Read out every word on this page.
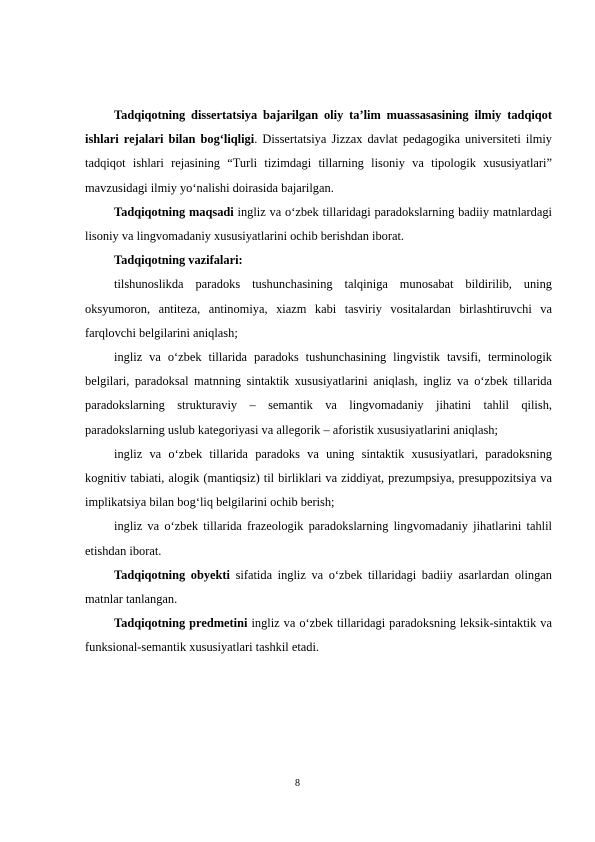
Tadqiqotning dissertatsiya bajarilgan oliy ta’lim muassasasining ilmiy tadqiqot ishlari rejalari bilan bog‘liqligi. Dissertatsiya Jizzax davlat pedagogika universiteti ilmiy tadqiqot ishlari rejasining “Turli tizimdagi tillarning lisoniy va tipologik xususiyatlari” mavzusidagi ilmiy yo‘nalishi doirasida bajarilgan.

Tadqiqotning maqsadi ingliz va o‘zbek tillaridagi paradokslarning badiiy matnlardagi lisoniy va lingvomadaniy xususiyatlarini ochib berishdan iborat.

Tadqiqotning vazifalari:

tilshunoslikda paradoks tushunchasining talqiniga munosabat bildirilib, uning oksyumoron, antiteza, antinomiya, xiazm kabi tasviriy vositalardan birlashtiruvchi va farqlovchi belgilarini aniqlash;

ingliz va o‘zbek tillarida paradoks tushunchasining lingvistik tavsifi, terminologik belgilari, paradoksal matnning sintaktik xususiyatlarini aniqlash, ingliz va o‘zbek tillarida paradokslarning strukturaviy – semantik va lingvomadaniy jihatini tahlil qilish, paradokslarning uslub kategoriyasi va allegorik – aforistik xususiyatlarini aniqlash;

ingliz va o‘zbek tillarida paradoks va uning sintaktik xususiyatlari, paradoksning kognitiv tabiati, alogik (mantiqsiz) til birliklari va ziddiyat, prezumpsiya, presuppozitsiya va implikatsiya bilan bog‘liq belgilarini ochib berish;

ingliz va o‘zbek tillarida frazeologik paradokslarning lingvomadaniy jihatlarini tahlil etishdan iborat.

Tadqiqotning obyekti sifatida ingliz va o‘zbek tillaridagi badiiy asarlardan olingan matnlar tanlangan.

Tadqiqotning predmetini ingliz va o‘zbek tillaridagi paradoksning leksik-sintaktik va funksional-semantik xususiyatlari tashkil etadi.

8
